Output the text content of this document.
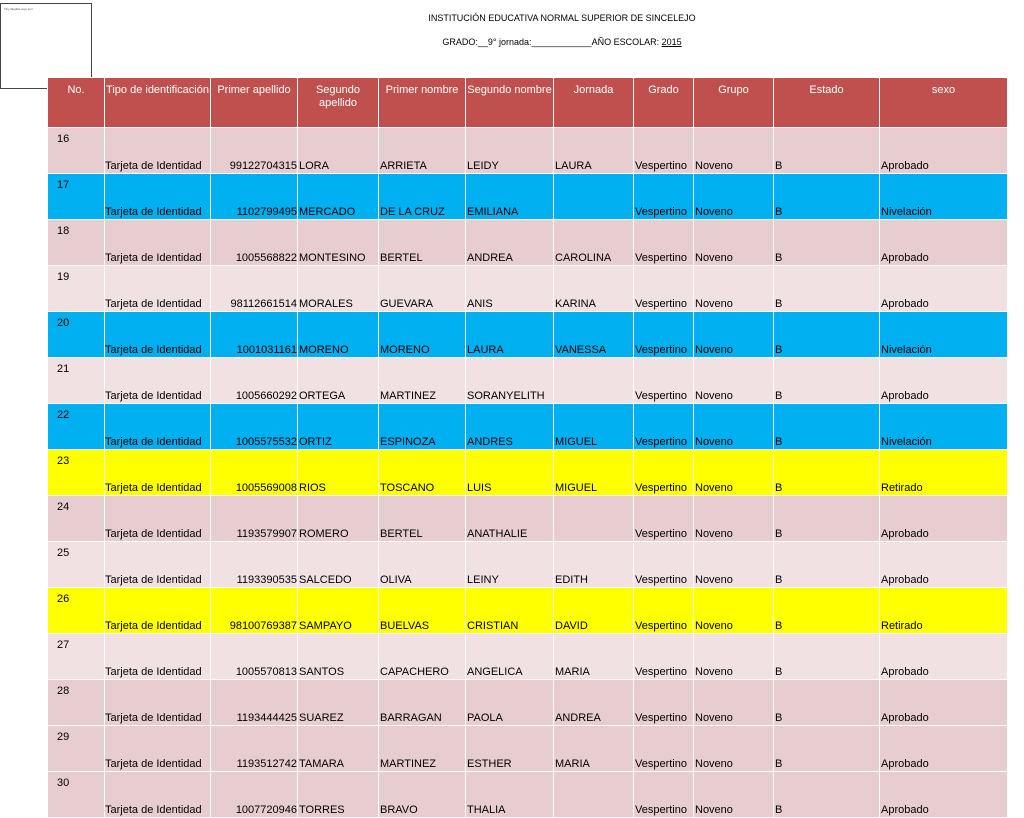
Tiny illegible logo text
INSTITUCIÓN EDUCATIVA NORMAL SUPERIOR DE SINCELEJO
GRADO:__9° jornada:____________AÑO ESCOLAR: 2015
No.	Tipo de identificación	Primer apellido	Segundo apellido	Primer nombre	Segundo nombre	Jornada	Grado	Grupo	Estado	sexo
16	Tarjeta de Identidad	99122704315	LORA	ARRIETA	LEIDY	LAURA	Vespertino	Noveno	B	Aprobado
17	Tarjeta de Identidad	1102799495	MERCADO	DE LA CRUZ	EMILIANA		Vespertino	Noveno	B	Nivelación
18	Tarjeta de Identidad	1005568822	MONTESINO	BERTEL	ANDREA	CAROLINA	Vespertino	Noveno	B	Aprobado
19	Tarjeta de Identidad	98112661514	MORALES	GUEVARA	ANIS	KARINA	Vespertino	Noveno	B	Aprobado
20	Tarjeta de Identidad	1001031161	MORENO	MORENO	LAURA	VANESSA	Vespertino	Noveno	B	Nivelación
21	Tarjeta de Identidad	1005660292	ORTEGA	MARTINEZ	SORANYELITH		Vespertino	Noveno	B	Aprobado
22	Tarjeta de Identidad	1005575532	ORTIZ	ESPINOZA	ANDRES	MIGUEL	Vespertino	Noveno	B	Nivelación
23	Tarjeta de Identidad	1005569008	RIOS	TOSCANO	LUIS	MIGUEL	Vespertino	Noveno	B	Retirado
24	Tarjeta de Identidad	1193579907	ROMERO	BERTEL	ANATHALIE		Vespertino	Noveno	B	Aprobado
25	Tarjeta de Identidad	1193390535	SALCEDO	OLIVA	LEINY	EDITH	Vespertino	Noveno	B	Aprobado
26	Tarjeta de Identidad	98100769387	SAMPAYO	BUELVAS	CRISTIAN	DAVID	Vespertino	Noveno	B	Retirado
27	Tarjeta de Identidad	1005570813	SANTOS	CAPACHERO	ANGELICA	MARIA	Vespertino	Noveno	B	Aprobado
28	Tarjeta de Identidad	1193444425	SUAREZ	BARRAGAN	PAOLA	ANDREA	Vespertino	Noveno	B	Aprobado
29	Tarjeta de Identidad	1193512742	TAMARA	MARTINEZ	ESTHER	MARIA	Vespertino	Noveno	B	Aprobado
30	Tarjeta de Identidad	1007720946	TORRES	BRAVO	THALIA		Vespertino	Noveno	B	Aprobado
